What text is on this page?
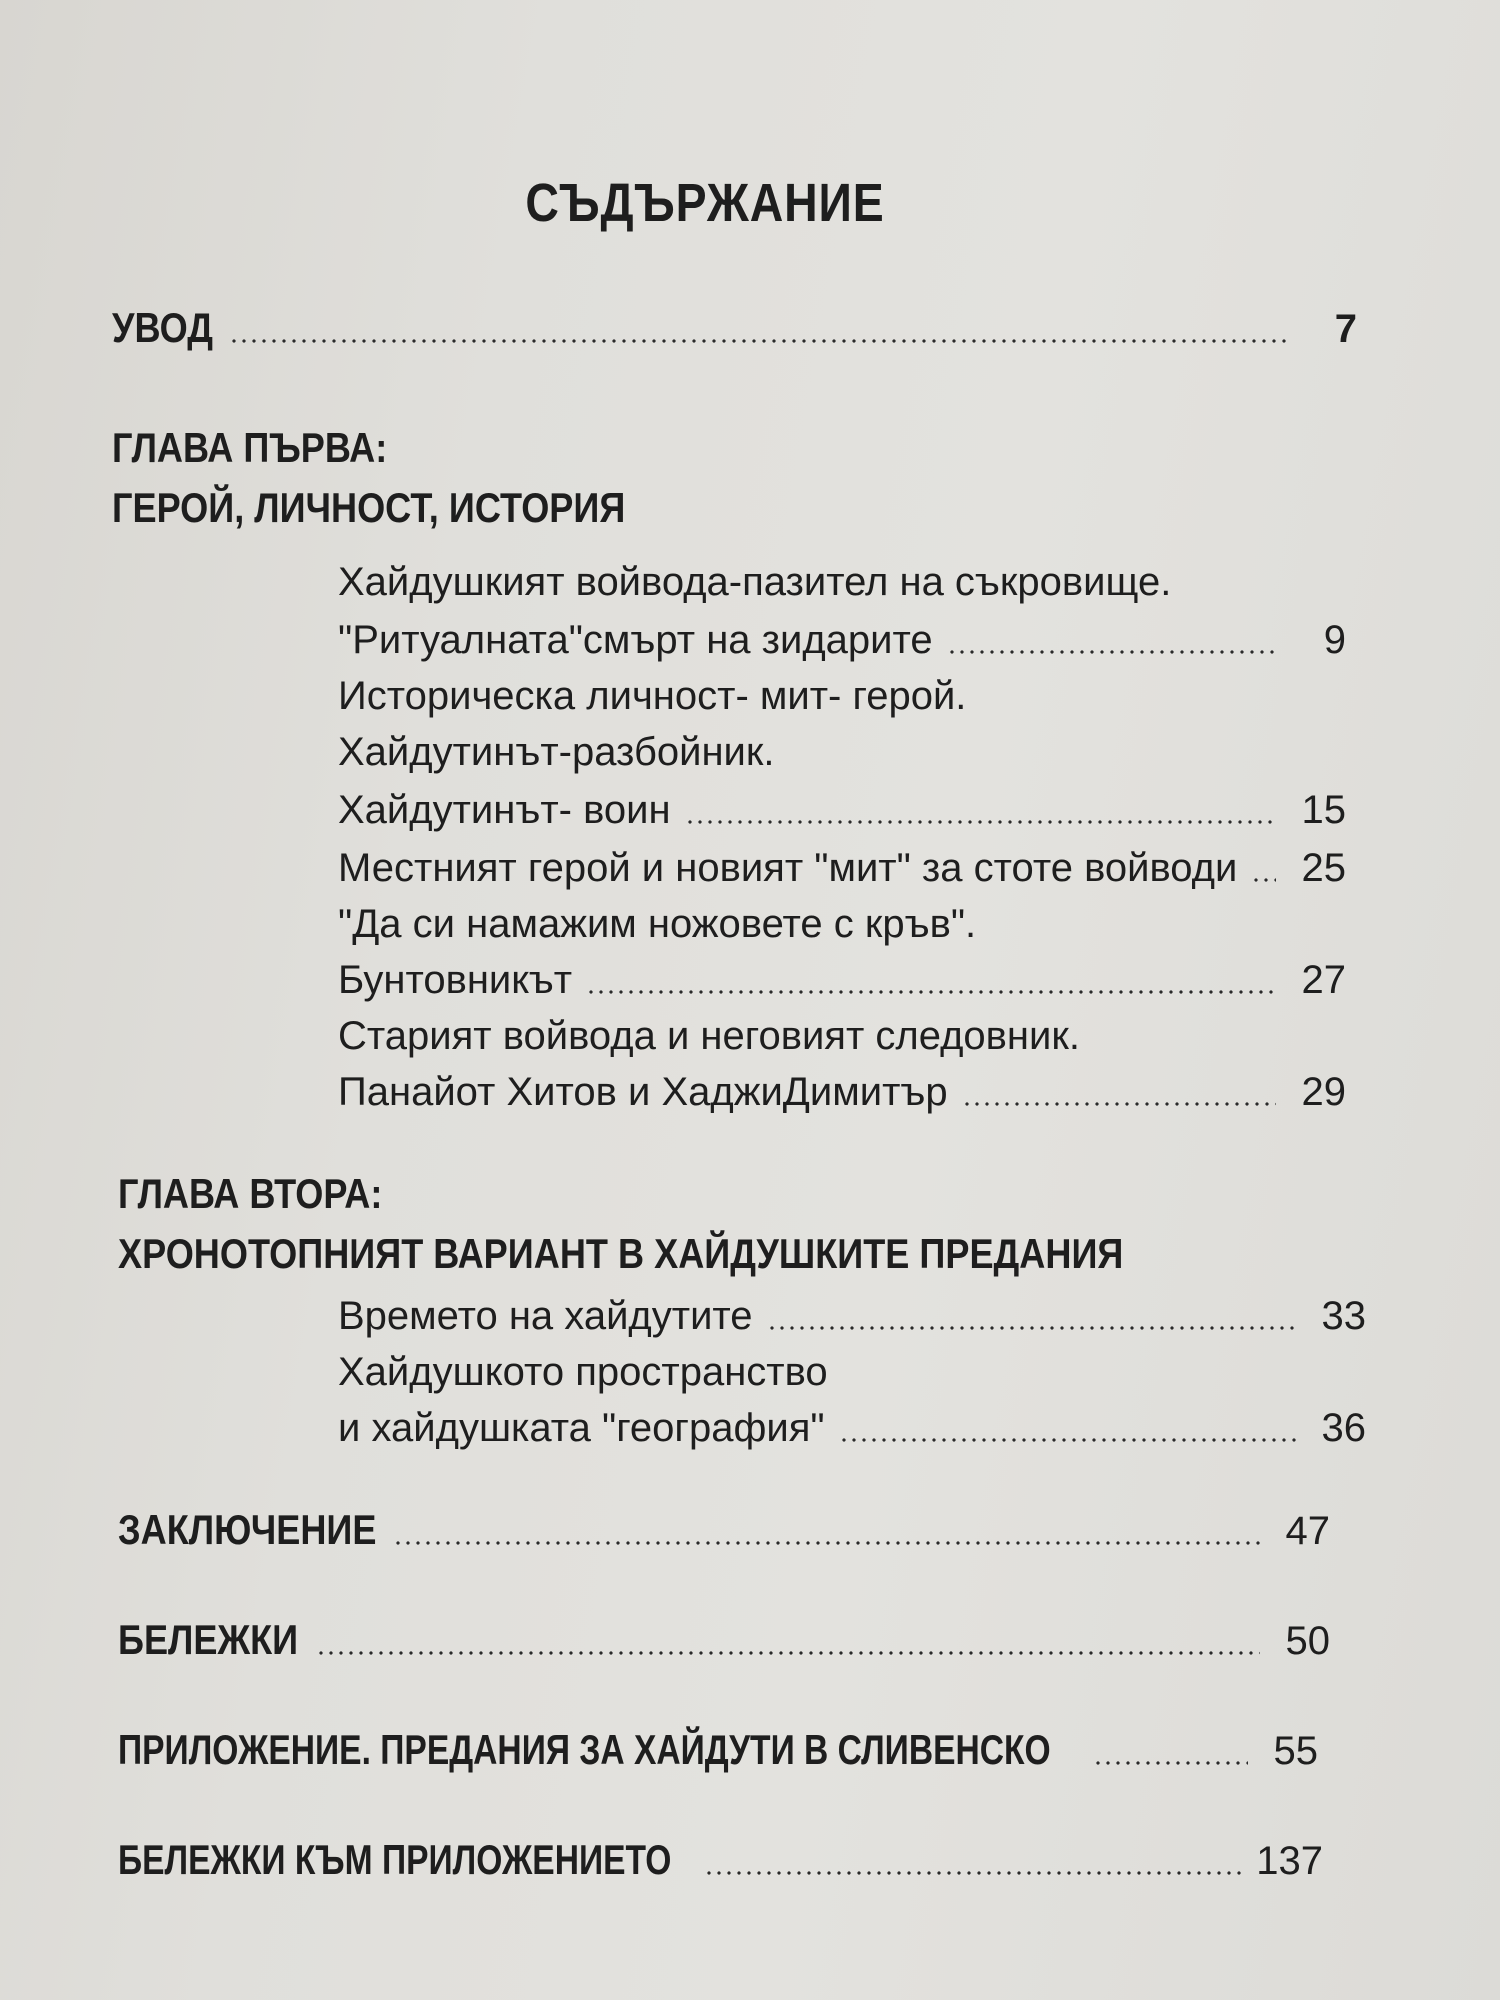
СЪДЪРЖАНИЕ
УВОД	7
ГЛАВА ПЪРВА:
ГЕРОЙ, ЛИЧНОСТ, ИСТОРИЯ
Хайдушкият войвода-пазител на съкровище.
"Ритуалната"смърт на зидарите	9
Историческа личност- мит- герой.
Хайдутинът-разбойник.
Хайдутинът- воин	15
Местният герой и новият "мит" за стоте войводи 25
"Да си намажим ножовете с кръв".
Бунтовникът	27
Старият войвода и неговият следовник.
Панайот Хитов и ХаджиДимитър	29
ГЛАВА ВТОРА:
ХРОНОТОПНИЯТ ВАРИАНТ В ХАЙДУШКИТЕ ПРЕДАНИЯ
Времето на хайдутите	33
Хайдушкото пространство
и хайдушката "география"	36
ЗАКЛЮЧЕНИЕ	47
БЕЛЕЖКИ	50
ПРИЛОЖЕНИЕ. ПРЕДАНИЯ ЗА ХАЙДУТИ В СЛИВЕНСКО	55
БЕЛЕЖКИ КЪМ ПРИЛОЖЕНИЕТО	137
